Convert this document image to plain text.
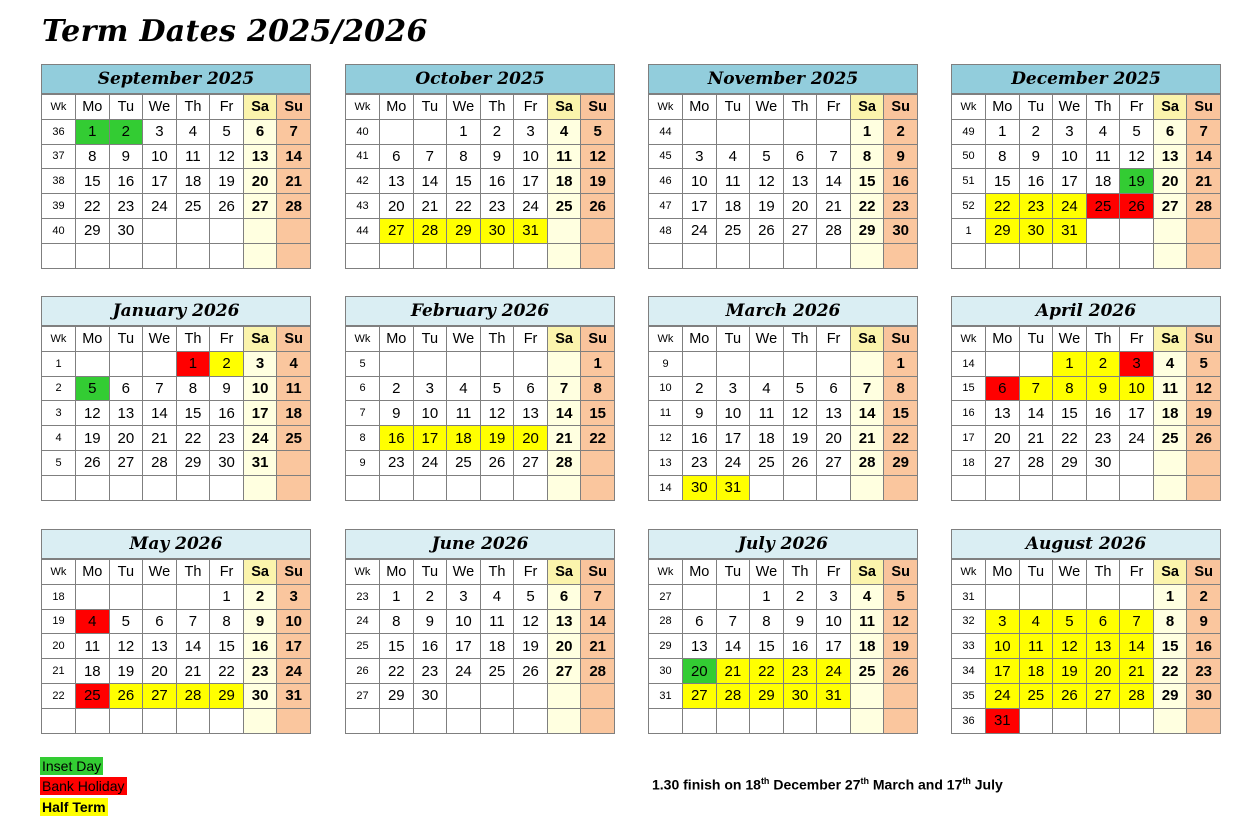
Term Dates 2025/2026
September 2025
Wk	Mo	Tu	We	Th	Fr	Sa	Su
36	1	2	3	4	5	6	7
37	8	9	10	11	12	13	14
38	15	16	17	18	19	20	21
39	22	23	24	25	26	27	28
40	29	30					

October 2025
Wk	Mo	Tu	We	Th	Fr	Sa	Su
40			1	2	3	4	5
41	6	7	8	9	10	11	12
42	13	14	15	16	17	18	19
43	20	21	22	23	24	25	26
44	27	28	29	30	31		

November 2025
Wk	Mo	Tu	We	Th	Fr	Sa	Su
44						1	2
45	3	4	5	6	7	8	9
46	10	11	12	13	14	15	16
47	17	18	19	20	21	22	23
48	24	25	26	27	28	29	30

December 2025
Wk	Mo	Tu	We	Th	Fr	Sa	Su
49	1	2	3	4	5	6	7
50	8	9	10	11	12	13	14
51	15	16	17	18	19	20	21
52	22	23	24	25	26	27	28
1	29	30	31				

January 2026
Wk	Mo	Tu	We	Th	Fr	Sa	Su
1				1	2	3	4
2	5	6	7	8	9	10	11
3	12	13	14	15	16	17	18
4	19	20	21	22	23	24	25
5	26	27	28	29	30	31	

February 2026
Wk	Mo	Tu	We	Th	Fr	Sa	Su
5							1
6	2	3	4	5	6	7	8
7	9	10	11	12	13	14	15
8	16	17	18	19	20	21	22
9	23	24	25	26	27	28	

March 2026
Wk	Mo	Tu	We	Th	Fr	Sa	Su
9							1
10	2	3	4	5	6	7	8
11	9	10	11	12	13	14	15
12	16	17	18	19	20	21	22
13	23	24	25	26	27	28	29
14	30	31					
April 2026
Wk	Mo	Tu	We	Th	Fr	Sa	Su
14			1	2	3	4	5
15	6	7	8	9	10	11	12
16	13	14	15	16	17	18	19
17	20	21	22	23	24	25	26
18	27	28	29	30			

May 2026
Wk	Mo	Tu	We	Th	Fr	Sa	Su
18					1	2	3
19	4	5	6	7	8	9	10
20	11	12	13	14	15	16	17
21	18	19	20	21	22	23	24
22	25	26	27	28	29	30	31

June 2026
Wk	Mo	Tu	We	Th	Fr	Sa	Su
23	1	2	3	4	5	6	7
24	8	9	10	11	12	13	14
25	15	16	17	18	19	20	21
26	22	23	24	25	26	27	28
27	29	30					

July 2026
Wk	Mo	Tu	We	Th	Fr	Sa	Su
27			1	2	3	4	5
28	6	7	8	9	10	11	12
29	13	14	15	16	17	18	19
30	20	21	22	23	24	25	26
31	27	28	29	30	31		

August 2026
Wk	Mo	Tu	We	Th	Fr	Sa	Su
31						1	2
32	3	4	5	6	7	8	9
33	10	11	12	13	14	15	16
34	17	18	19	20	21	22	23
35	24	25	26	27	28	29	30
36	31						
Inset Day
Bank Holiday
Half Term
1.30 finish on 18th December 27th March and 17th July
